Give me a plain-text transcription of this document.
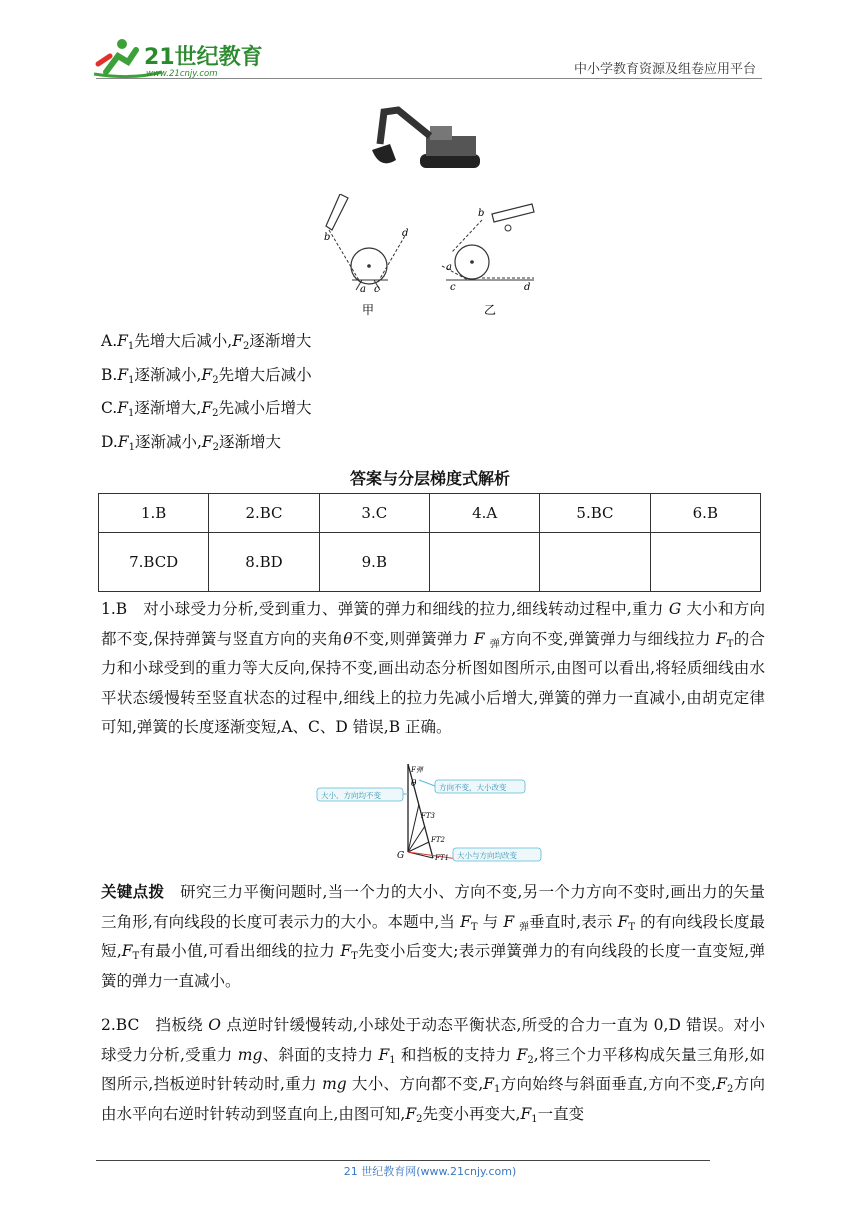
21世纪教育
www.21cnjy.com	中小学教育资源及组卷应用平台
b	d
a c
b
a
c	d
甲	乙
$A.F_1$先增大后减小$,F_2$逐渐增大
$B.F_1$逐渐减小$,F_2$先增大后减小
$C.F_1$逐渐增大$,F_2$先减小后增大
$D.F_1$逐渐减小$,F_2$逐渐增大
答案与分层梯度式解析
1.B	2.BC	3.C	4.A	5.BC	6.B
7.BCD	8.BD	9.B			
1.B　对小球受力分析,受到重力、弹簧的弹力和细线的拉力,细线转动过程中,重力 G 大小和方向都不变,保持弹簧与竖直方向的夹角θ不变,则弹簧弹力 F $_弹$方向不变,弹簧弹力与细线拉力 $F_T$的合力和小球受到的重力等大反向,保持不变,画出动态分析图如图所示,由图可以看出,将轻质细线由水平状态缓慢转至竖直状态的过程中,细线上的拉力先减小后增大,弹簧的弹力一直减小,由胡克定律可知,弹簧的长度逐渐变短,A、C、D 错误,B 正确。
F弹
θ
FT3
FT2
FT1
G
大小、方向均不变
方向不变，大小改变
大小与方向均改变
关键点拨　研究三力平衡问题时,当一个力的大小、方向不变,另一个力方向不变时,画出力的矢量三角形,有向线段的长度可表示力的大小。本题中,当 $F_T$ 与 F $_弹$垂直时,表示 $F_T$ 的有向线段长度最短$,F_T$有最小值,可看出细线的拉力 $F_T$先变小后变大;表示弹簧弹力的有向线段的长度一直变短,弹簧的弹力一直减小。
2.BC　挡板绕 O 点逆时针缓慢转动,小球处于动态平衡状态,所受的合力一直为 0,D 错误。对小球受力分析,受重力 mg、斜面的支持力 $F_1$ 和挡板的支持力 $F_2$,将三个力平移构成矢量三角形,如图所示,挡板逆时针转动时,重力 mg 大小、方向都不变$,F_1$方向始终与斜面垂直,方向不变$,F_2$方向由水平向右逆时针转动到竖直向上,由图可知$,F_2$先变小再变大$,F_1$一直变
21 世纪教育网(www.21cnjy.com)
